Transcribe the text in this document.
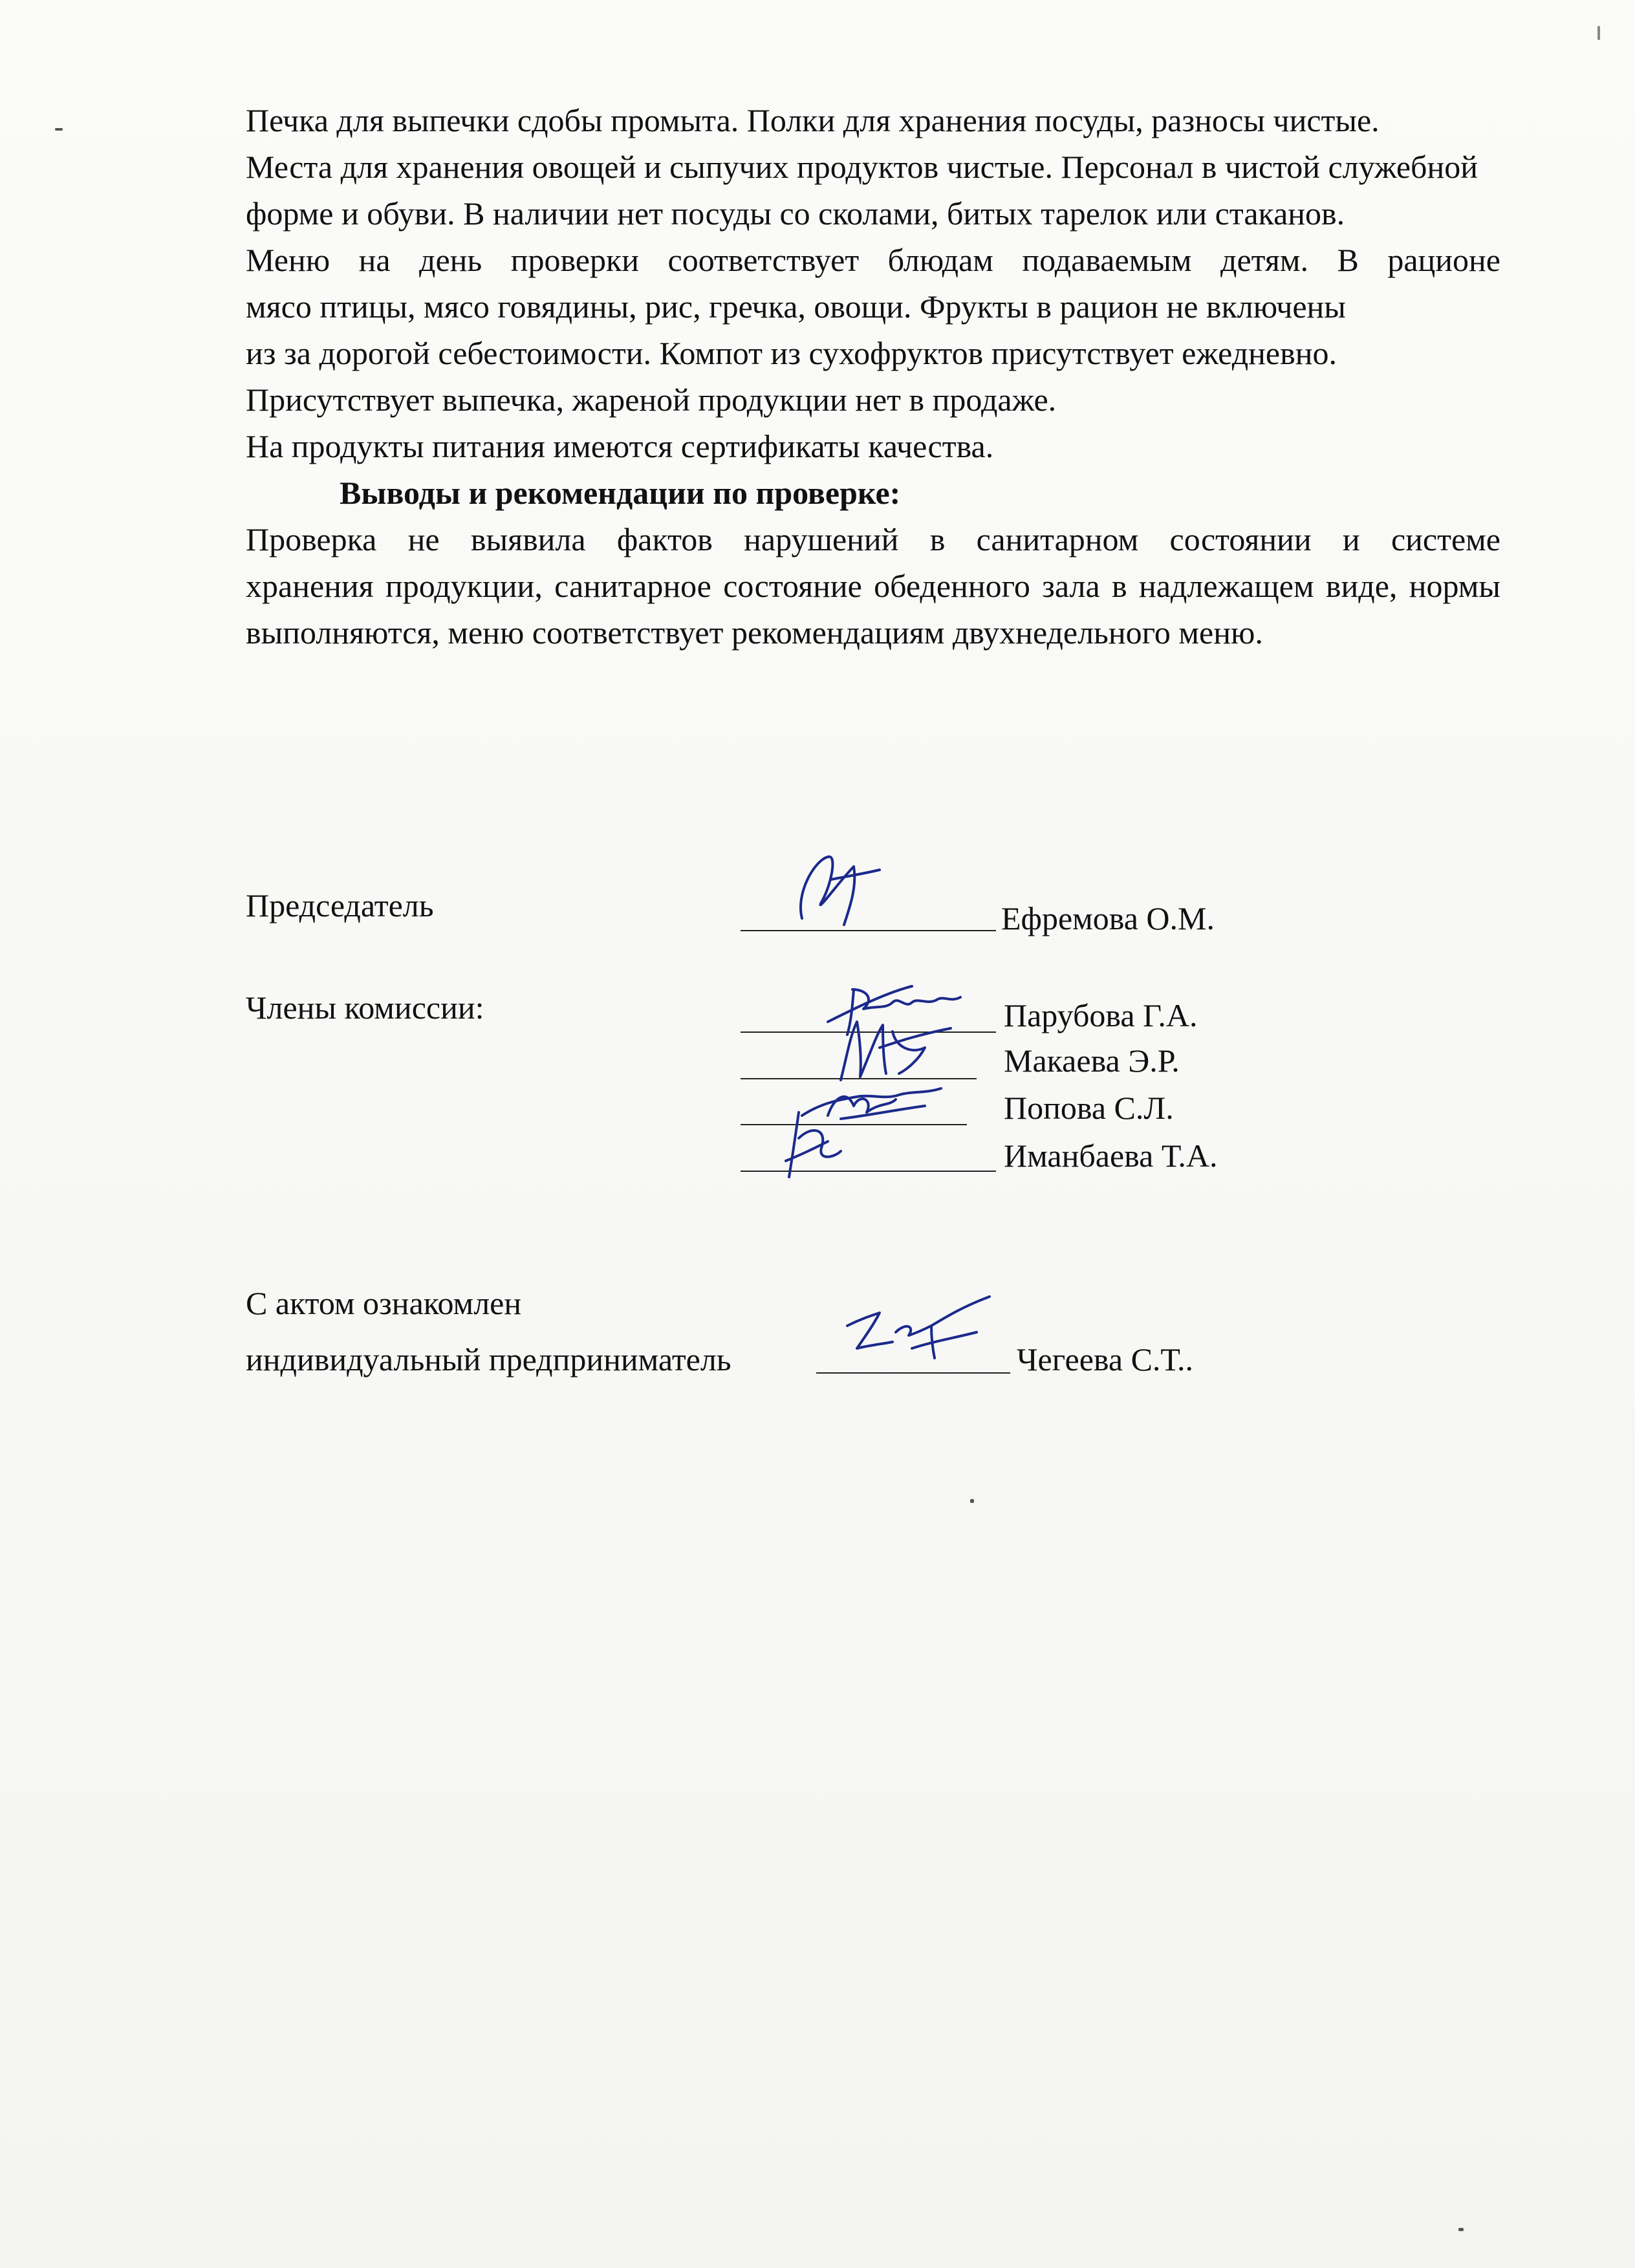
Печка для выпечки сдобы промыта. Полки для хранения посуды, разносы чистые.

Места для хранения овощей и сыпучих продуктов чистые. Персонал в чистой служебной форме и обуви. В наличии нет посуды со сколами, битых тарелок или стаканов.

Меню на день проверки соответствует блюдам подаваемым детям. В рационе
мясо птицы, мясо говядины, рис, гречка, овощи. Фрукты в рацион не включены из за дорогой себестоимости. Компот из сухофруктов присутствует ежедневно. Присутствует выпечка, жареной продукции нет в продаже.

На продукты питания имеются сертификаты качества.

Выводы и рекомендации по проверке:

Проверка не выявила фактов нарушений в санитарном состоянии и системе
хранения продукции, санитарное состояние обеденного зала в надлежащем виде, нормы выполняются, меню соответствует рекомендациям двухнедельного меню.
Председатель	Ефремова О.М.
Члены комиссии:	Парубова Г.А.
Макаева Э.Р.
Попова С.Л.
Иманбаева Т.А.
С актом ознакомлен
индивидуальный предприниматель	Чегеева С.Т..
